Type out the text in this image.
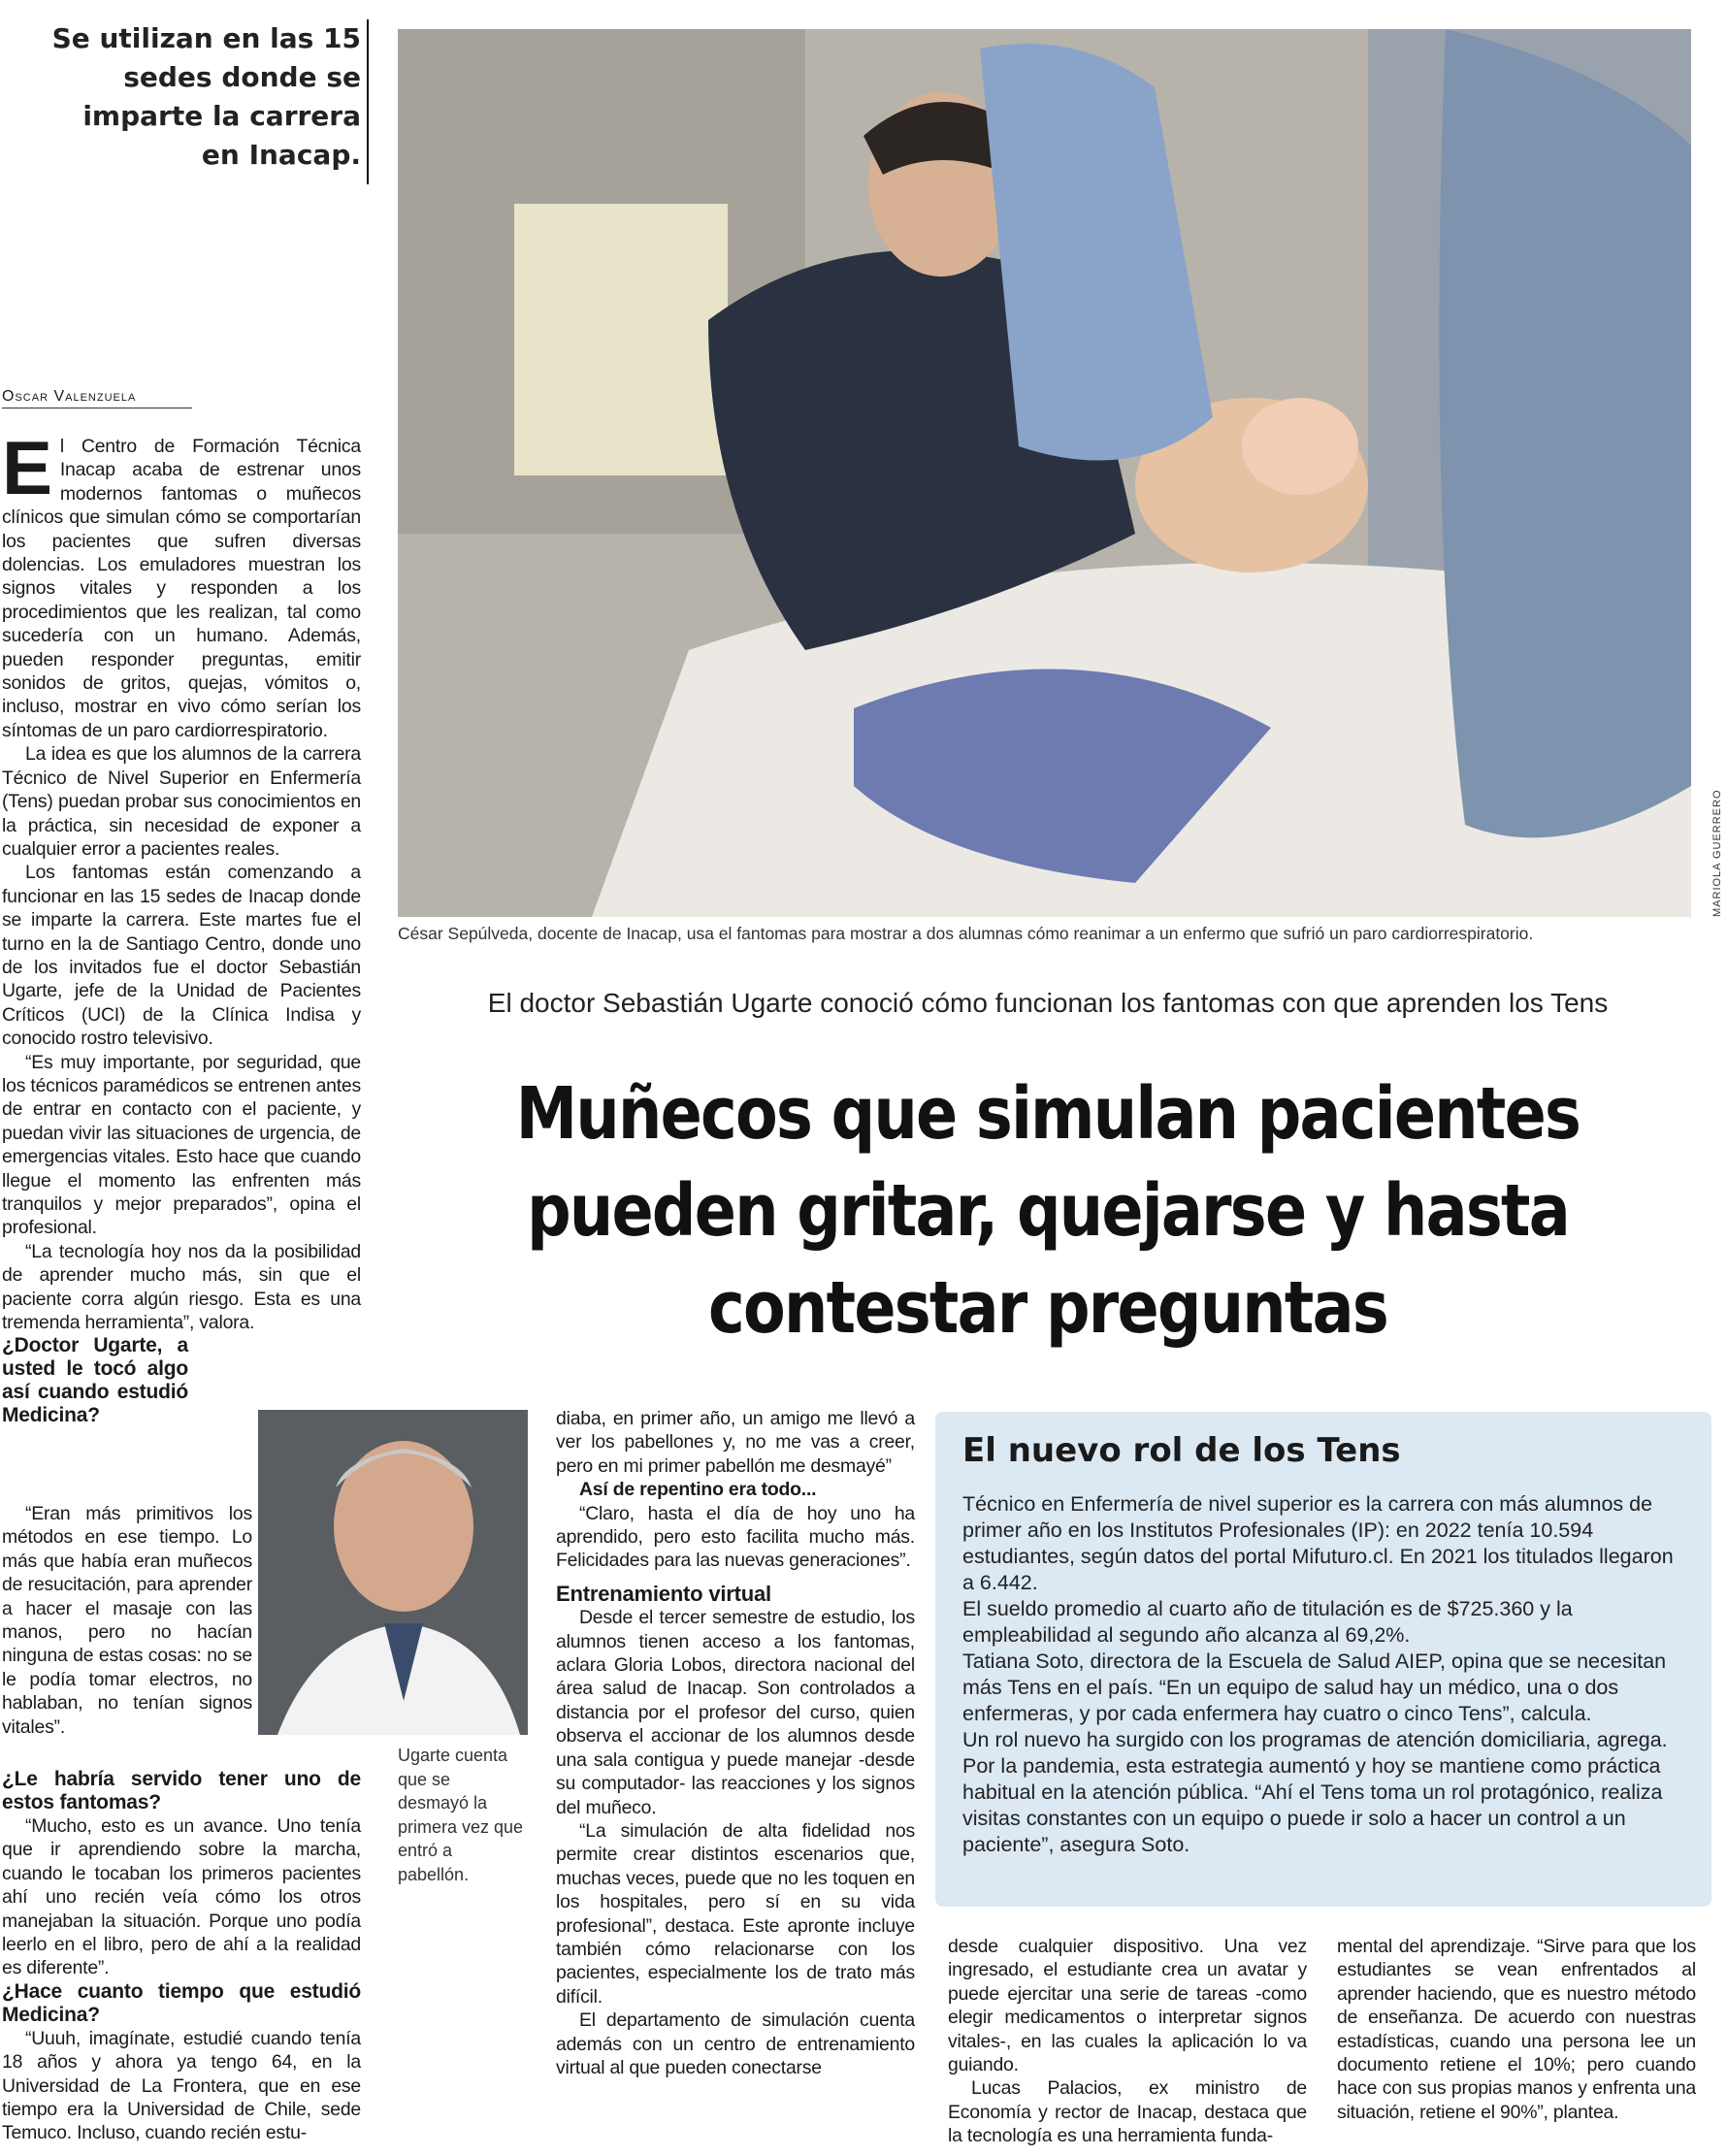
Se utilizan en las 15
sedes donde se
imparte la carrera
en Inacap.
Oscar Valenzuela

El Centro de Formación Técnica Inacap acaba de estrenar unos modernos fantomas o muñecos clínicos que simulan cómo se comportarían los pacientes que sufren diversas dolencias. Los emuladores muestran los signos vitales y responden a los procedimientos que les realizan, tal como sucedería con un humano. Además, pueden responder preguntas, emitir sonidos de gritos, quejas, vómitos o, incluso, mostrar en vivo cómo serían los síntomas de un paro cardiorrespiratorio.

La idea es que los alumnos de la carrera Técnico de Nivel Superior en Enfermería (Tens) puedan probar sus conocimientos en la práctica, sin necesidad de exponer a cualquier error a pacientes reales.

Los fantomas están comenzando a funcionar en las 15 sedes de Inacap donde se imparte la carrera. Este martes fue el turno en la de Santiago Centro, donde uno de los invitados fue el doctor Sebastián Ugarte, jefe de la Unidad de Pacientes Críticos (UCI) de la Clínica Indisa y conocido rostro televisivo.

“Es muy importante, por seguridad, que los técnicos paramédicos se entrenen antes de entrar en contacto con el paciente, y puedan vivir las situaciones de urgencia, de emergencias vitales. Esto hace que cuando llegue el momento las enfrenten más tranquilos y mejor preparados”, opina el profesional.

“La tecnología hoy nos da la posibilidad de aprender mucho más, sin que el paciente corra algún riesgo. Esta es una tremenda herramienta”, valora.

¿Doctor Ugarte, a usted le tocó algo así cuando estudió Medicina?

“Eran más primitivos los métodos en ese tiempo. Lo más que había eran muñecos de resucitación, para aprender a hacer el masaje con las manos, pero no hacían ninguna de estas cosas: no se le podía tomar electros, no hablaban, no tenían signos vitales”.

¿Le habría servido tener uno de estos fantomas?

“Mucho, esto es un avance. Uno tenía que ir aprendiendo sobre la marcha, cuando le tocaban los primeros pacientes ahí uno recién veía cómo los otros manejaban la situación. Porque uno podía leerlo en el libro, pero de ahí a la realidad es diferente”.

¿Hace cuanto tiempo que estudió Medicina?

“Uuuh, imagínate, estudié cuando tenía 18 años y ahora ya tengo 64, en la Universidad de La Frontera, que en ese tiempo era la Universidad de Chile, sede Temuco. Incluso, cuando recién estu-

MARIOLA GUERRERO
César Sepúlveda, docente de Inacap, usa el fantomas para mostrar a dos alumnas cómo reanimar a un enfermo que sufrió un paro cardiorrespiratorio.
El doctor Sebastián Ugarte conoció cómo funcionan los fantomas con que aprenden los Tens
Muñecos que simulan pacientes
pueden gritar, quejarse y hasta
contestar preguntas
Ugarte cuenta que se desmayó la primera vez que entró a pabellón.

diaba, en primer año, un amigo me llevó a ver los pabellones y, no me vas a creer, pero en mi primer pabellón me desmayé”

Así de repentino era todo...

“Claro, hasta el día de hoy uno ha aprendido, pero esto facilita mucho más. Felicidades para las nuevas generaciones”.

Entrenamiento virtual

Desde el tercer semestre de estudio, los alumnos tienen acceso a los fantomas, aclara Gloria Lobos, directora nacional del área salud de Inacap. Son controlados a distancia por el profesor del curso, quien observa el accionar de los alumnos desde una sala contigua y puede manejar -desde su computador- las reacciones y los signos del muñeco.

“La simulación de alta fidelidad nos permite crear distintos escenarios que, muchas veces, puede que no les toquen en los hospitales, pero sí en su vida profesional”, destaca. Este apronte incluye también cómo relacionarse con los pacientes, especialmente los de trato más difícil.

El departamento de simulación cuenta además con un centro de entrenamiento virtual al que pueden conectarse

El nuevo rol de los Tens

Técnico en Enfermería de nivel superior es la carrera con más alumnos de primer año en los Institutos Profesionales (IP): en 2022 tenía 10.594 estudiantes, según datos del portal Mifuturo.cl. En 2021 los titulados llegaron a 6.442.

El sueldo promedio al cuarto año de titulación es de $725.360 y la empleabilidad al segundo año alcanza al 69,2%.

Tatiana Soto, directora de la Escuela de Salud AIEP, opina que se necesitan más Tens en el país. “En un equipo de salud hay un médico, una o dos enfermeras, y por cada enfermera hay cuatro o cinco Tens”, calcula.

Un rol nuevo ha surgido con los programas de atención domiciliaria, agrega. Por la pandemia, esta estrategia aumentó y hoy se mantiene como práctica habitual en la atención pública. “Ahí el Tens toma un rol protagónico, realiza visitas constantes con un equipo o puede ir solo a hacer un control a un paciente”, asegura Soto.

desde cualquier dispositivo. Una vez ingresado, el estudiante crea un avatar y puede ejercitar una serie de tareas -como elegir medicamentos o interpretar signos vitales-, en las cuales la aplicación lo va guiando.

Lucas Palacios, ex ministro de Economía y rector de Inacap, destaca que la tecnología es una herramienta funda-

mental del aprendizaje. “Sirve para que los estudiantes se vean enfrentados al aprender haciendo, que es nuestro método de enseñanza. De acuerdo con nuestras estadísticas, cuando una persona lee un documento retiene el 10%; pero cuando hace con sus propias manos y enfrenta una situación, retiene el 90%”, plantea.
